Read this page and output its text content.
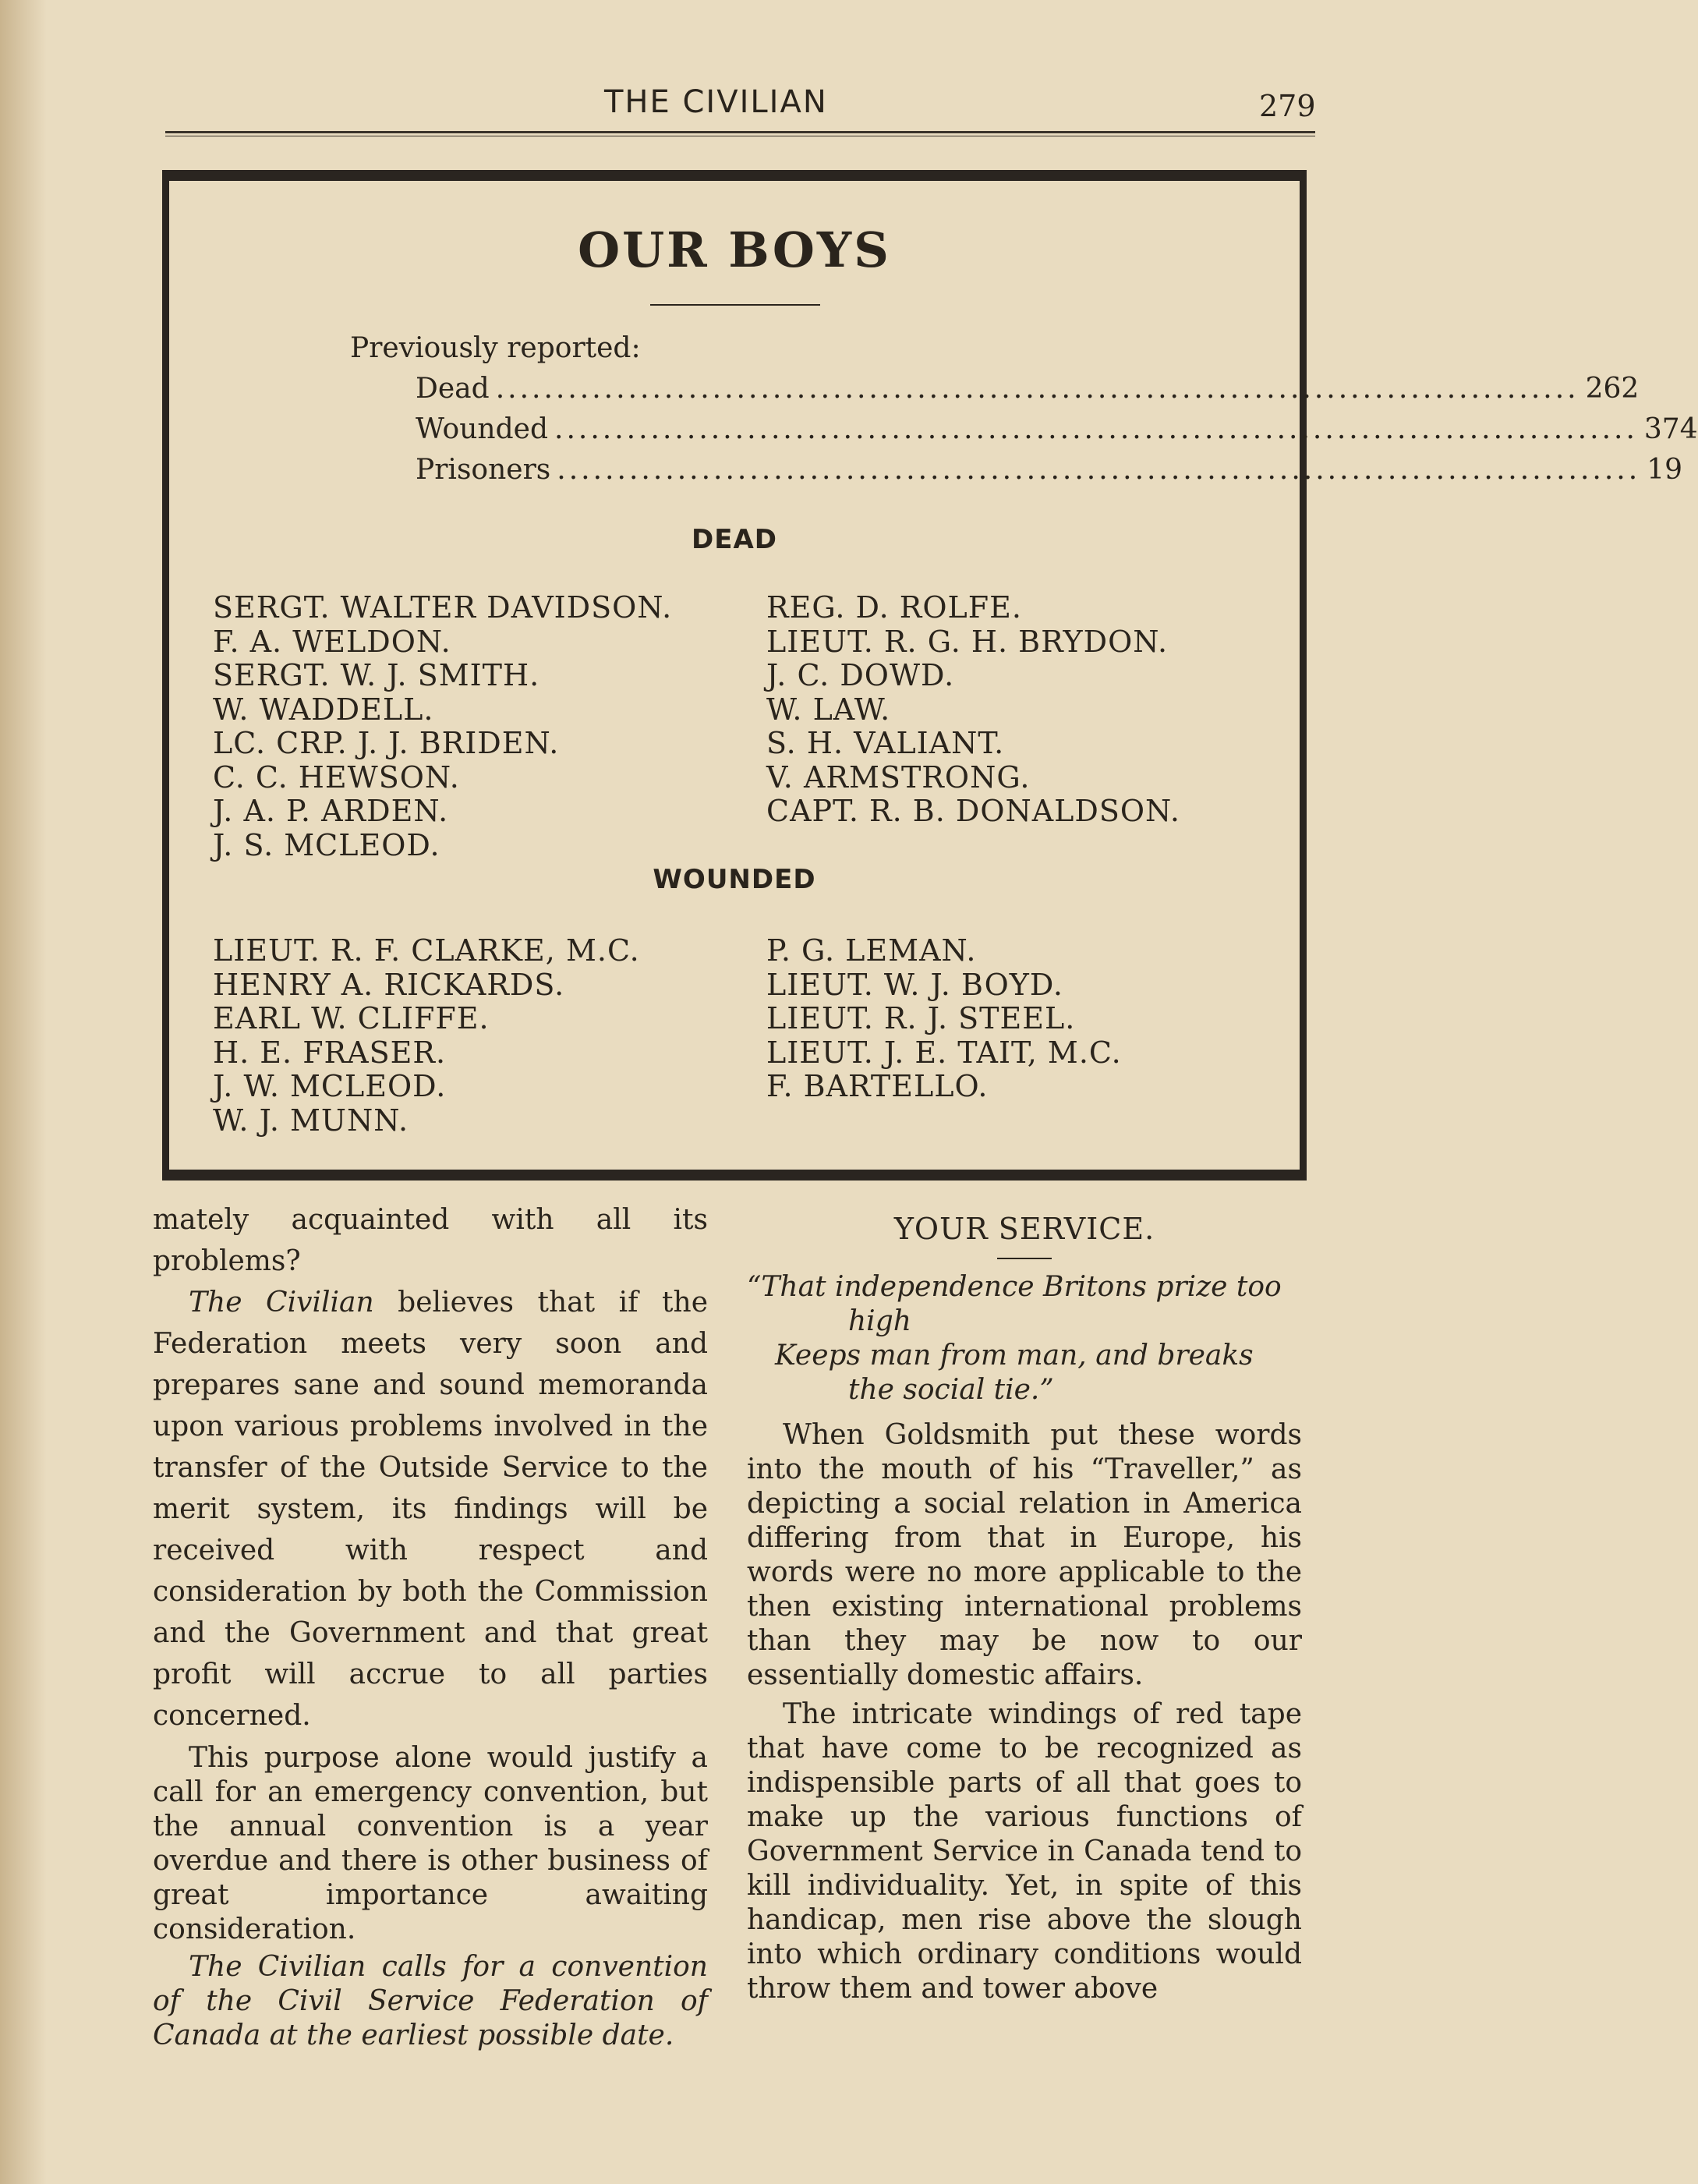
THE CIVILIAN	279
OUR BOYS
Previously reported:
Dead .......................................................................................... 262
Wounded .......................................................................................... 374
Prisoners .......................................................................................... 19
DEAD
SERGT. WALTER DAVIDSON.
F. A. WELDON.
SERGT. W. J. SMITH.
W. WADDELL.
LC. CRP. J. J. BRIDEN.
C. C. HEWSON.
J. A. P. ARDEN.
J. S. MCLEOD.
REG. D. ROLFE.
LIEUT. R. G. H. BRYDON.
J. C. DOWD.
W. LAW.
S. H. VALIANT.
V. ARMSTRONG.
CAPT. R. B. DONALDSON.
WOUNDED
LIEUT. R. F. CLARKE, M.C.
HENRY A. RICKARDS.
EARL W. CLIFFE.
H. E. FRASER.
J. W. MCLEOD.
W. J. MUNN.
P. G. LEMAN.
LIEUT. W. J. BOYD.
LIEUT. R. J. STEEL.
LIEUT. J. E. TAIT, M.C.
F. BARTELLO.

mately acquainted with all its problems?

The Civilian believes that if the Federation meets very soon and prepares sane and sound memoranda upon various problems involved in the transfer of the Outside Service to the merit system, its findings will be received with respect and consideration by both the Commission and the Government and that great profit will accrue to all parties concerned.

This purpose alone would justify a call for an emergency convention, but the annual convention is a year overdue and there is other business of great importance awaiting consideration.

The Civilian calls for a convention of the Civil Service Federation of Canada at the earliest possible date.

YOUR SERVICE.

“That independence Britons prize too

high

Keeps man from man, and breaks

the social tie.”

When Goldsmith put these words into the mouth of his “Traveller,” as depicting a social relation in America differing from that in Europe, his words were no more applicable to the then existing international problems than they may be now to our essentially domestic affairs.

The intricate windings of red tape that have come to be recognized as indispensible parts of all that goes to make up the various functions of Government Service in Canada tend to kill individuality. Yet, in spite of this handicap, men rise above the slough into which ordinary conditions would throw them and tower above
